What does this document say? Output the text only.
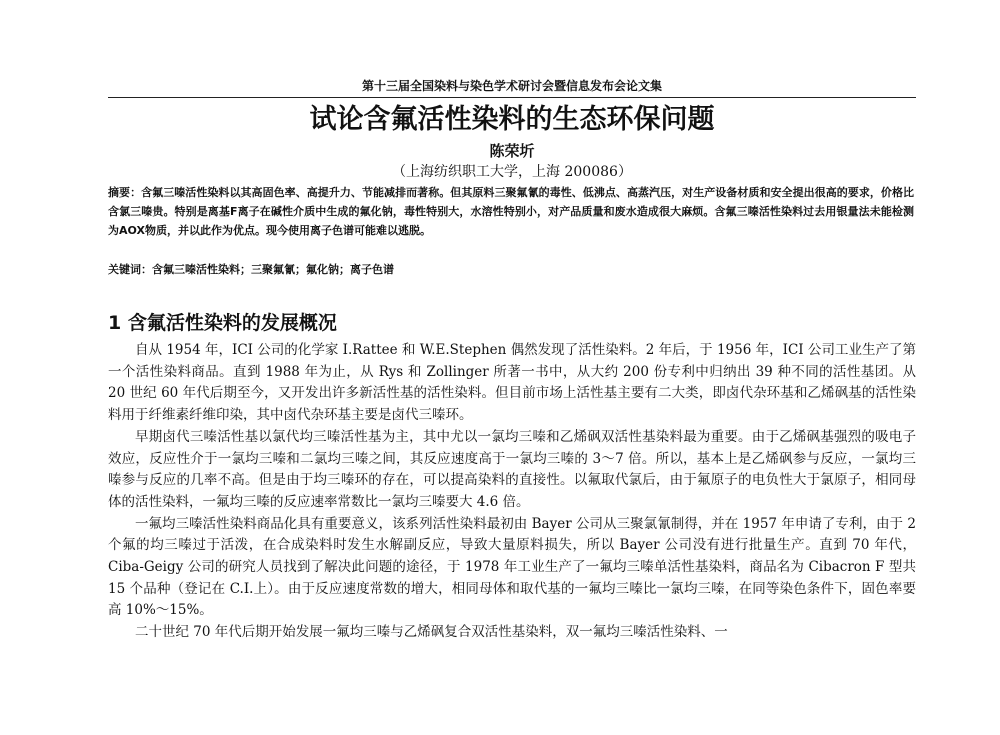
第十三届全国染料与染色学术研讨会暨信息发布会论文集
试论含氟活性染料的生态环保问题
陈荣圻
（上海纺织职工大学，上海 200086）
摘要：含氟三嗪活性染料以其高固色率、高提升力、节能减排而著称。但其原料三聚氟氰的毒性、低沸点、高蒸汽压，对生产设备材质和安全提出很高的要求，价格比含氯三嗪贵。特别是离基F离子在碱性介质中生成的氟化钠，毒性特别大，水溶性特别小，对产品质量和废水造成很大麻烦。含氟三嗪活性染料过去用银量法未能检测为AOX物质，并以此作为优点。现今使用离子色谱可能难以逃脱。
关键词：含氟三嗪活性染料；三聚氟氰；氟化钠；离子色谱
1 含氟活性染料的发展概况

自从 1954 年，ICI 公司的化学家 I.Rattee 和 W.E.Stephen 偶然发现了活性染料。2 年后，于 1956 年，ICI 公司工业生产了第一个活性染料商品。直到 1988 年为止，从 Rys 和 Zollinger 所著一书中，从大约 200 份专利中归纳出 39 种不同的活性基团。从 20 世纪 60 年代后期至今，又开发出许多新活性基的活性染料。但目前市场上活性基主要有二大类，即卤代杂环基和乙烯砜基的活性染料用于纤维素纤维印染，其中卤代杂环基主要是卤代三嗪环。

早期卤代三嗪活性基以氯代均三嗪活性基为主，其中尤以一氯均三嗪和乙烯砜双活性基染料最为重要。由于乙烯砜基强烈的吸电子效应，反应性介于一氯均三嗪和二氯均三嗪之间，其反应速度高于一氯均三嗪的 3～7 倍。所以，基本上是乙烯砜参与反应，一氯均三嗪参与反应的几率不高。但是由于均三嗪环的存在，可以提高染料的直接性。以氟取代氯后，由于氟原子的电负性大于氯原子，相同母体的活性染料，一氟均三嗪的反应速率常数比一氯均三嗪要大 4.6 倍。

一氟均三嗪活性染料商品化具有重要意义，该系列活性染料最初由 Bayer 公司从三聚氯氰制得，并在 1957 年申请了专利，由于 2 个氟的均三嗪过于活泼，在合成染料时发生水解副反应，导致大量原料损失，所以 Bayer 公司没有进行批量生产。直到 70 年代，Ciba-Geigy 公司的研究人员找到了解决此问题的途径，于 1978 年工业生产了一氟均三嗪单活性基染料，商品名为 Cibacron F 型共 15 个品种（登记在 C.I.上）。由于反应速度常数的增大，相同母体和取代基的一氟均三嗪比一氯均三嗪，在同等染色条件下，固色率要高 10%～15%。

二十世纪 70 年代后期开始发展一氟均三嗪与乙烯砜复合双活性基染料，双一氟均三嗪活性染料、一
